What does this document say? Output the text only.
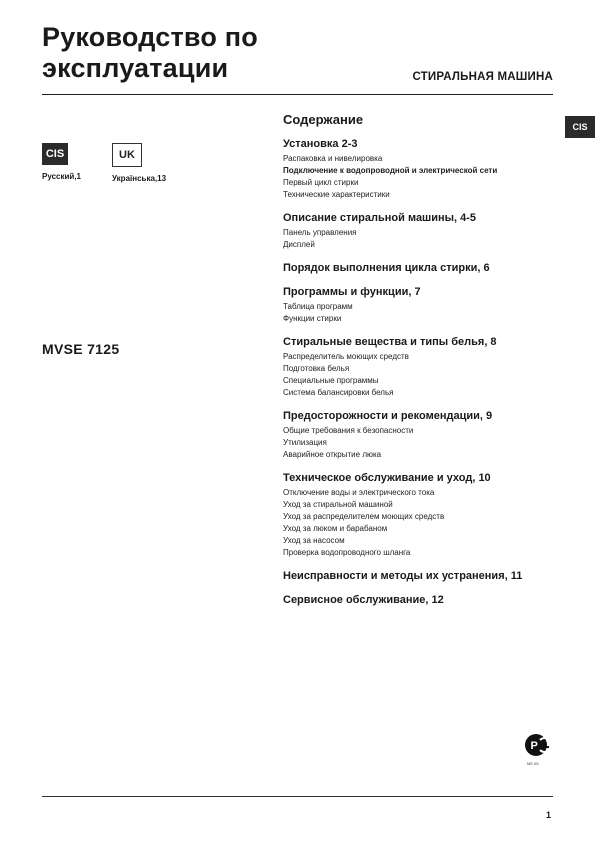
Руководство по
эксплуатации	СТИРАЛЬНАЯ МАШИНА
CIS
CIS
Русский,1
UK
Українська,13
MVSE 7125
Содержание
Установка 2-3
Распаковка и нивелировка
Подключение к водопроводной и электрической сети
Первый цикл стирки
Технические характеристики
Описание стиральной машины, 4-5
Панель управления
Дисплей
Порядок выполнения цикла стирки, 6
Программы и функции, 7
Таблица программ
Функции стирки
Стиральные вещества и типы белья, 8
Распределитель моющих средств
Подготовка белья
Специальные программы
Система балансировки белья
Предосторожности и рекомендации, 9
Общие требования к безопасности
Утилизация
Аварийное открытие люка
Техническое обслуживание и уход, 10
Отключение воды и электрического тока
Уход за стиральной машиной
Уход за распределителем моющих средств
Уход за люком и барабаном
Уход за насосом
Проверка водопроводного шланга
Неисправности и методы их устранения, 11
Сервисное обслуживание, 12
P
ME 65
1
